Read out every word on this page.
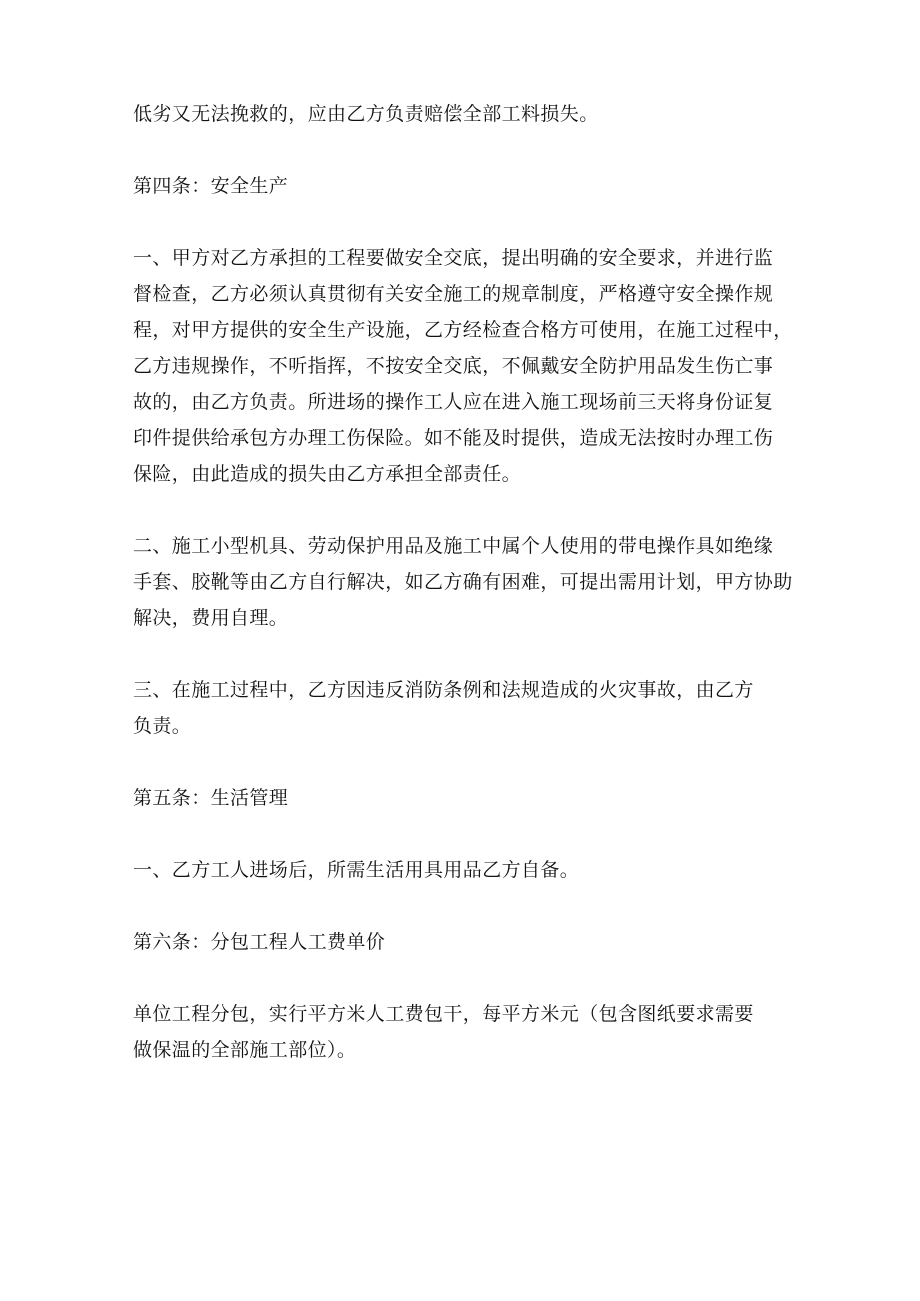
低劣又无法挽救的，应由乙方负责赔偿全部工料损失。

第四条：安全生产

一、甲方对乙方承担的工程要做安全交底，提出明确的安全要求，并进行监

督检查，乙方必须认真贯彻有关安全施工的规章制度，严格遵守安全操作规

程，对甲方提供的安全生产设施，乙方经检查合格方可使用，在施工过程中，

乙方违规操作，不听指挥，不按安全交底，不佩戴安全防护用品发生伤亡事

故的，由乙方负责。所进场的操作工人应在进入施工现场前三天将身份证复

印件提供给承包方办理工伤保险。如不能及时提供，造成无法按时办理工伤

保险，由此造成的损失由乙方承担全部责任。

二、施工小型机具、劳动保护用品及施工中属个人使用的带电操作具如绝缘

手套、胶靴等由乙方自行解决，如乙方确有困难，可提出需用计划，甲方协助

解决，费用自理。

三、在施工过程中，乙方因违反消防条例和法规造成的火灾事故，由乙方

负责。

第五条：生活管理

一、乙方工人进场后，所需生活用具用品乙方自备。

第六条：分包工程人工费单价

单位工程分包，实行平方米人工费包干，每平方米元（包含图纸要求需要

做保温的全部施工部位）。
